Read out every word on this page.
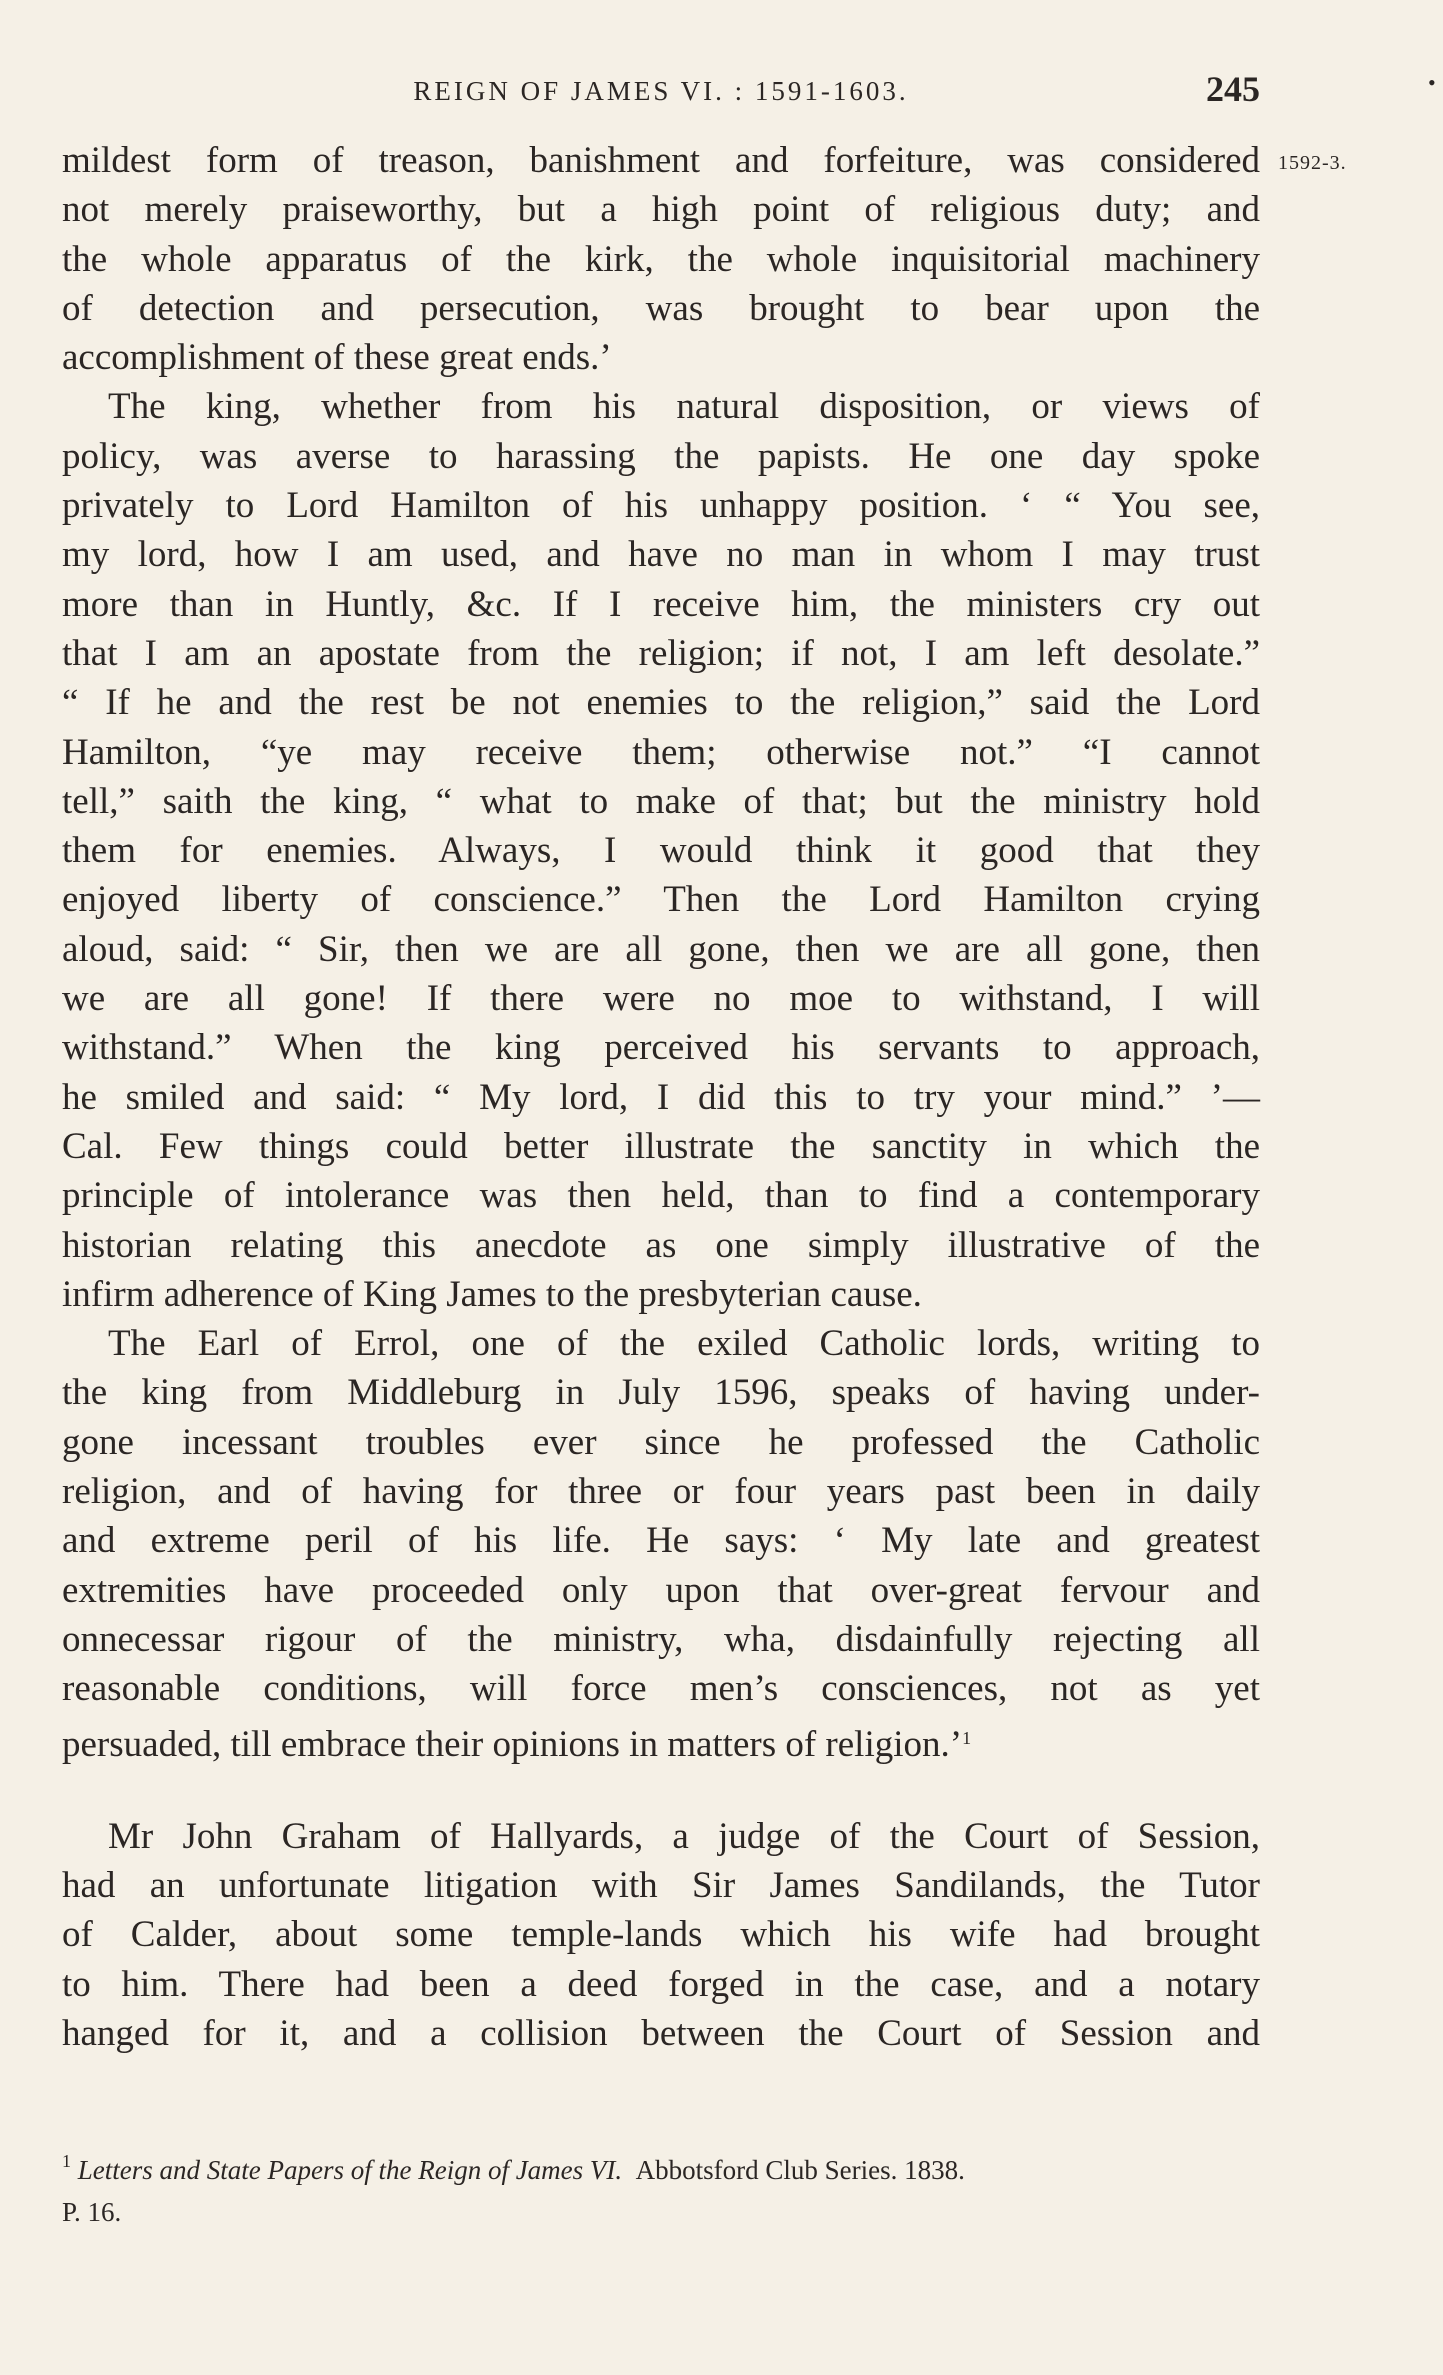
REIGN OF JAMES VI. : 1591-1603.	245	•
1592-3.
mildest form of treason, banishment and forfeiture, was considered
not merely praiseworthy, but a high point of religious duty; and
the whole apparatus of the kirk, the whole inquisitorial machinery
of detection and persecution, was brought to bear upon the
accomplishment of these great ends.’
The king, whether from his natural disposition, or views of
policy, was averse to harassing the papists. He one day spoke
privately to Lord Hamilton of his unhappy position. ‘ “ You see,
my lord, how I am used, and have no man in whom I may trust
more than in Huntly, &c. If I receive him, the ministers cry out
that I am an apostate from the religion; if not, I am left desolate.”
“ If he and the rest be not enemies to the religion,” said the Lord
Hamilton, “ye may receive them; otherwise not.” “I cannot
tell,” saith the king, “ what to make of that; but the ministry hold
them for enemies. Always, I would think it good that they
enjoyed liberty of conscience.” Then the Lord Hamilton crying
aloud, said: “ Sir, then we are all gone, then we are all gone, then
we are all gone! If there were no moe to withstand, I will
withstand.” When the king perceived his servants to approach,
he smiled and said: “ My lord, I did this to try your mind.” ’—
Cal. Few things could better illustrate the sanctity in which the
principle of intolerance was then held, than to find a contemporary
historian relating this anecdote as one simply illustrative of the
infirm adherence of King James to the presbyterian cause.
The Earl of Errol, one of the exiled Catholic lords, writing to
the king from Middleburg in July 1596, speaks of having under-
gone incessant troubles ever since he professed the Catholic
religion, and of having for three or four years past been in daily
and extreme peril of his life. He says: ‘ My late and greatest
extremities have proceeded only upon that over-great fervour and
onnecessar rigour of the ministry, wha, disdainfully rejecting all
reasonable conditions, will force men’s consciences, not as yet
persuaded, till embrace their opinions in matters of religion.’$^1$
Mr John Graham of Hallyards, a judge of the Court of Session,
had an unfortunate litigation with Sir James Sandilands, the Tutor
of Calder, about some temple-lands which his wife had brought
to him. There had been a deed forged in the case, and a notary
hanged for it, and a collision between the Court of Session and
$^1$ Letters and State Papers of the Reign of James VI. Abbotsford Club Series. 1838.
P. 16.
